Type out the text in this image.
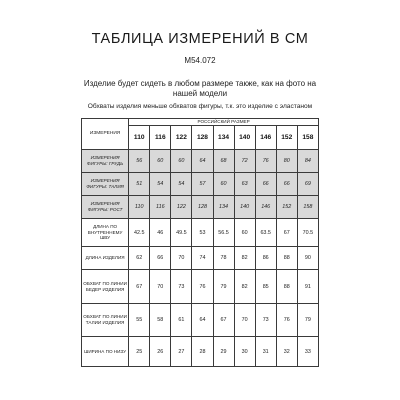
ТАБЛИЦА ИЗМЕРЕНИЙ В СМ
M54.072
Изделие будет сидеть в любом размере также, как на фото на
нашей модели
Обхваты изделия меньше обхватов фигуры, т.к. это изделие с эластаном
ИЗМЕРЕНИЯ	РОССИЙСКИЙ РАЗМЕР								
	110	116	122	128	134	140	146	152	158
ИЗМЕРЕНИЯ ФИГУРЫ: ГРУДЬ	56	60	60	64	68	72	76	80	84
ИЗМЕРЕНИЯ ФИГУРЫ: ТАЛИЯ	51	54	54	57	60	63	66	66	69
ИЗМЕРЕНИЯ ФИГУРЫ: РОСТ	110	116	122	128	134	140	146	152	158
ДЛИНА ПО ВНУТРЕННЕМУ ШВУ	42.5	46	49.5	53	56.5	60	63.5	67	70.5
ДЛИНА ИЗДЕЛИЯ	62	66	70	74	78	82	86	88	90
ОБХВАТ ПО ЛИНИИ БЕДЕР ИЗДЕЛИЯ	67	70	73	76	79	82	85	88	91
ОБХВАТ ПО ЛИНИИ ТАЛИИ ИЗДЕЛИЯ	55	58	61	64	67	70	73	76	79
ШИРИНА ПО НИЗУ	25	26	27	28	29	30	31	32	33
